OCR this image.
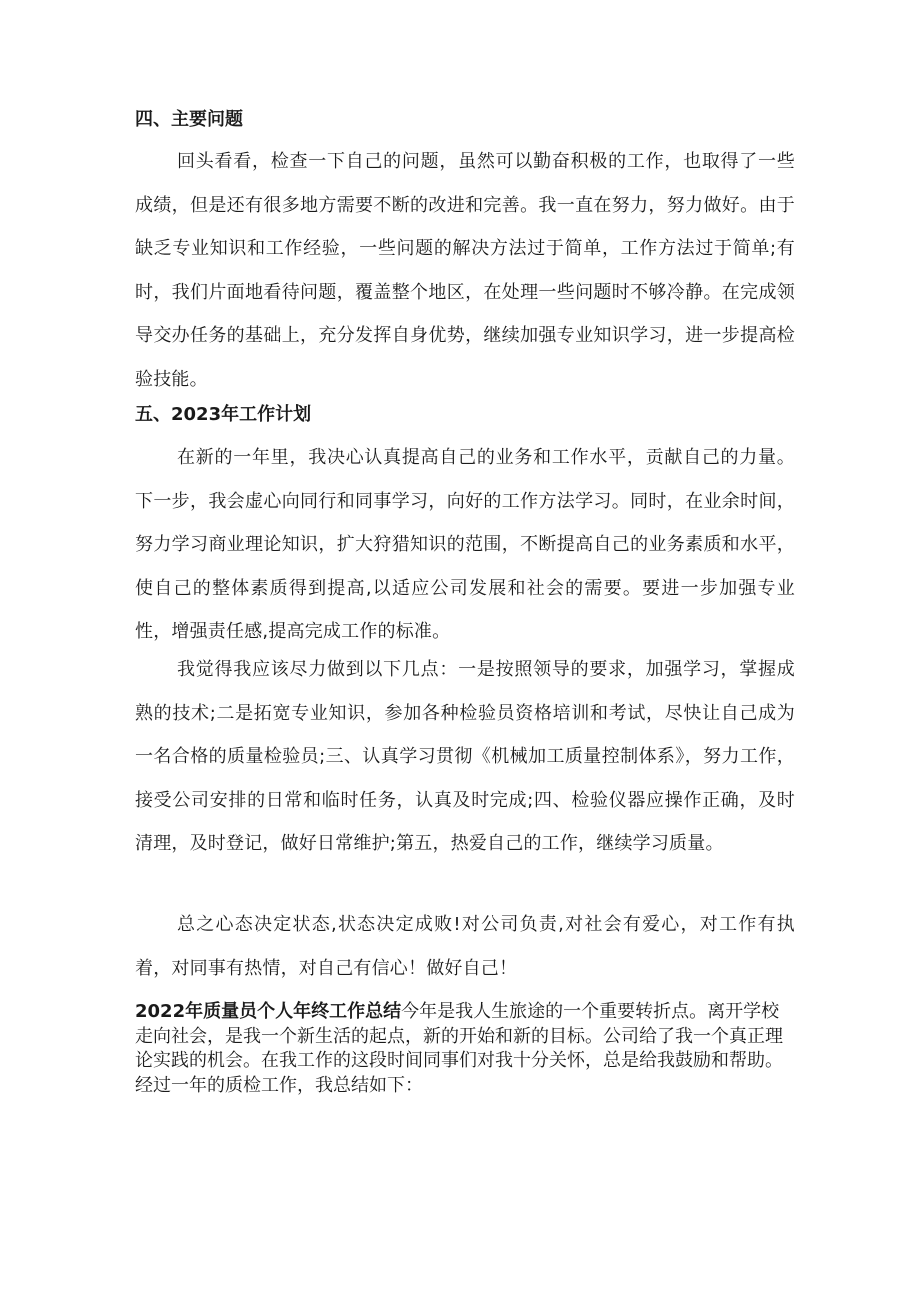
四、主要问题

回头看看，检查一下自己的问题，虽然可以勤奋积极的工作，也取得了一些成绩，但是还有很多地方需要不断的改进和完善。我一直在努力，努力做好。由于缺乏专业知识和工作经验，一些问题的解决方法过于简单，工作方法过于简单;有时，我们片面地看待问题，覆盖整个地区，在处理一些问题时不够冷静。在完成领导交办任务的基础上，充分发挥自身优势，继续加强专业知识学习，进一步提高检验技能。

五、2023年工作计划

在新的一年里，我决心认真提高自己的业务和工作水平，贡献自己的力量。下一步，我会虚心向同行和同事学习，向好的工作方法学习。同时，在业余时间，努力学习商业理论知识，扩大狩猎知识的范围，不断提高自己的业务素质和水平，使自己的整体素质得到提高,以适应公司发展和社会的需要。要进一步加强专业性，增强责任感,提高完成工作的标准。

我觉得我应该尽力做到以下几点：一是按照领导的要求，加强学习，掌握成熟的技术;二是拓宽专业知识，参加各种检验员资格培训和考试，尽快让自己成为一名合格的质量检验员;三、认真学习贯彻《机械加工质量控制体系》，努力工作，接受公司安排的日常和临时任务，认真及时完成;四、检验仪器应操作正确，及时清理，及时登记，做好日常维护;第五，热爱自己的工作，继续学习质量。

总之心态决定状态,状态决定成败!对公司负责,对社会有爱心，对工作有执着，对同事有热情，对自己有信心！做好自己！

2022年质量员个人年终工作总结今年是我人生旅途的一个重要转折点。离开学校走向社会，是我一个新生活的起点，新的开始和新的目标。公司给了我一个真正理论实践的机会。在我工作的这段时间同事们对我十分关怀，总是给我鼓励和帮助。经过一年的质检工作，我总结如下：
